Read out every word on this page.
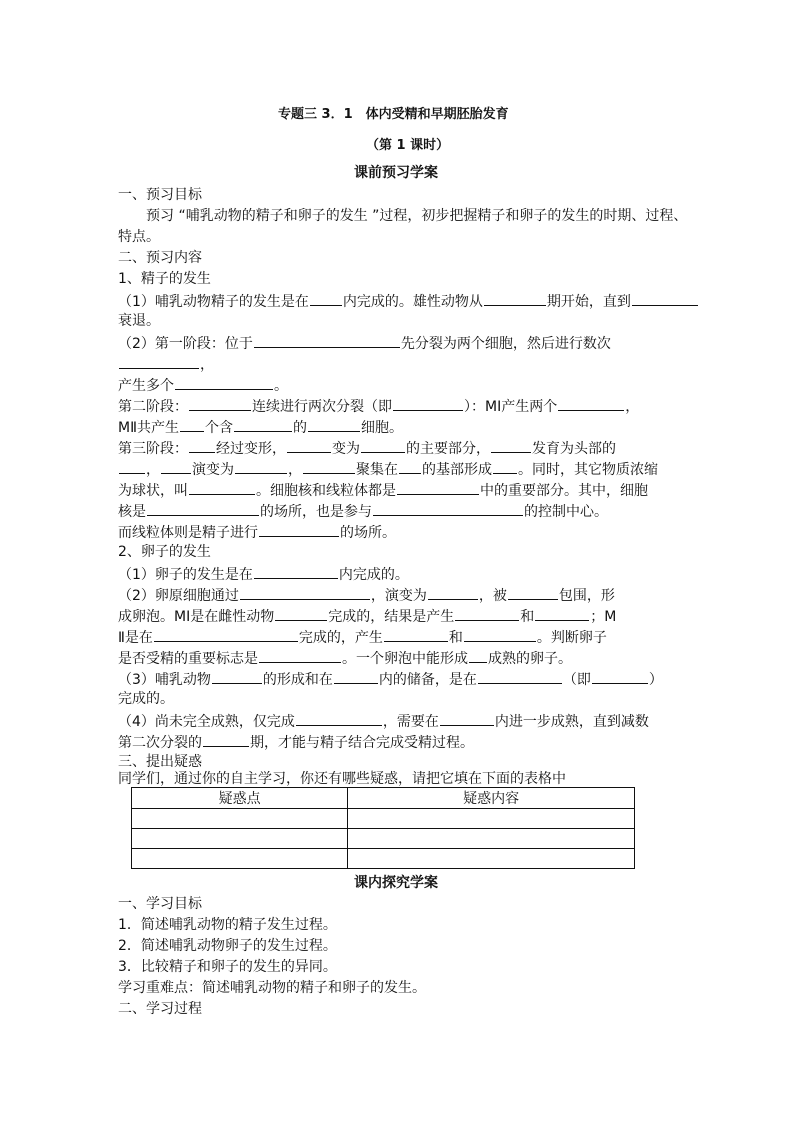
专题三 3．1　体内受精和早期胚胎发育
（第 1 课时）
课前预习学案
一、预习目标
预习 “哺乳动物的精子和卵子的发生 ”过程，初步把握精子和卵子的发生的时期、过程、
特点。
二、预习内容
1、精子的发生
（1）哺乳动物精子的发生是在 内完成的。雄性动物从	期开始，直到
衰退。
（2）第一阶段：位于	先分裂为两个细胞，然后进行数次
，
产生多个	。
第二阶段：	连续进行两次分裂（即	）：MⅠ产生两个	，
MⅡ共产生 个含	的	细胞。
第三阶段： 经过变形，	变为	的主要部分，	发育为头部的
， 演变为	，	聚集在 的基部形成 。同时，其它物质浓缩
为球状，叫	。细胞核和线粒体都是	中的重要部分。其中，细胞
核是	的场所，也是参与	的控制中心。
而线粒体则是精子进行	的场所。
2、卵子的发生
（1）卵子的发生是在	内完成的。
（2）卵原细胞通过	，演变为	，被	包围，形
成卵泡。MⅠ是在雌性动物	完成的，结果是产生	和	；M
Ⅱ是在	完成的，产生	和	。判断卵子
是否受精的重要标志是	。一个卵泡中能形成 成熟的卵子。
（3）哺乳动物	的形成和在	内的储备，是在	（即	）
完成的。
（4）尚未完全成熟，仅完成	，需要在	内进一步成熟，直到减数
第二次分裂的	期，才能与精子结合完成受精过程。
三、提出疑惑
同学们，通过你的自主学习，你还有哪些疑惑，请把它填在下面的表格中
疑惑点	疑惑内容

课内探究学案
一、学习目标
1．简述哺乳动物的精子发生过程。
2．简述哺乳动物卵子的发生过程。
3．比较精子和卵子的发生的异同。
学习重难点：简述哺乳动物的精子和卵子的发生。
二、学习过程
